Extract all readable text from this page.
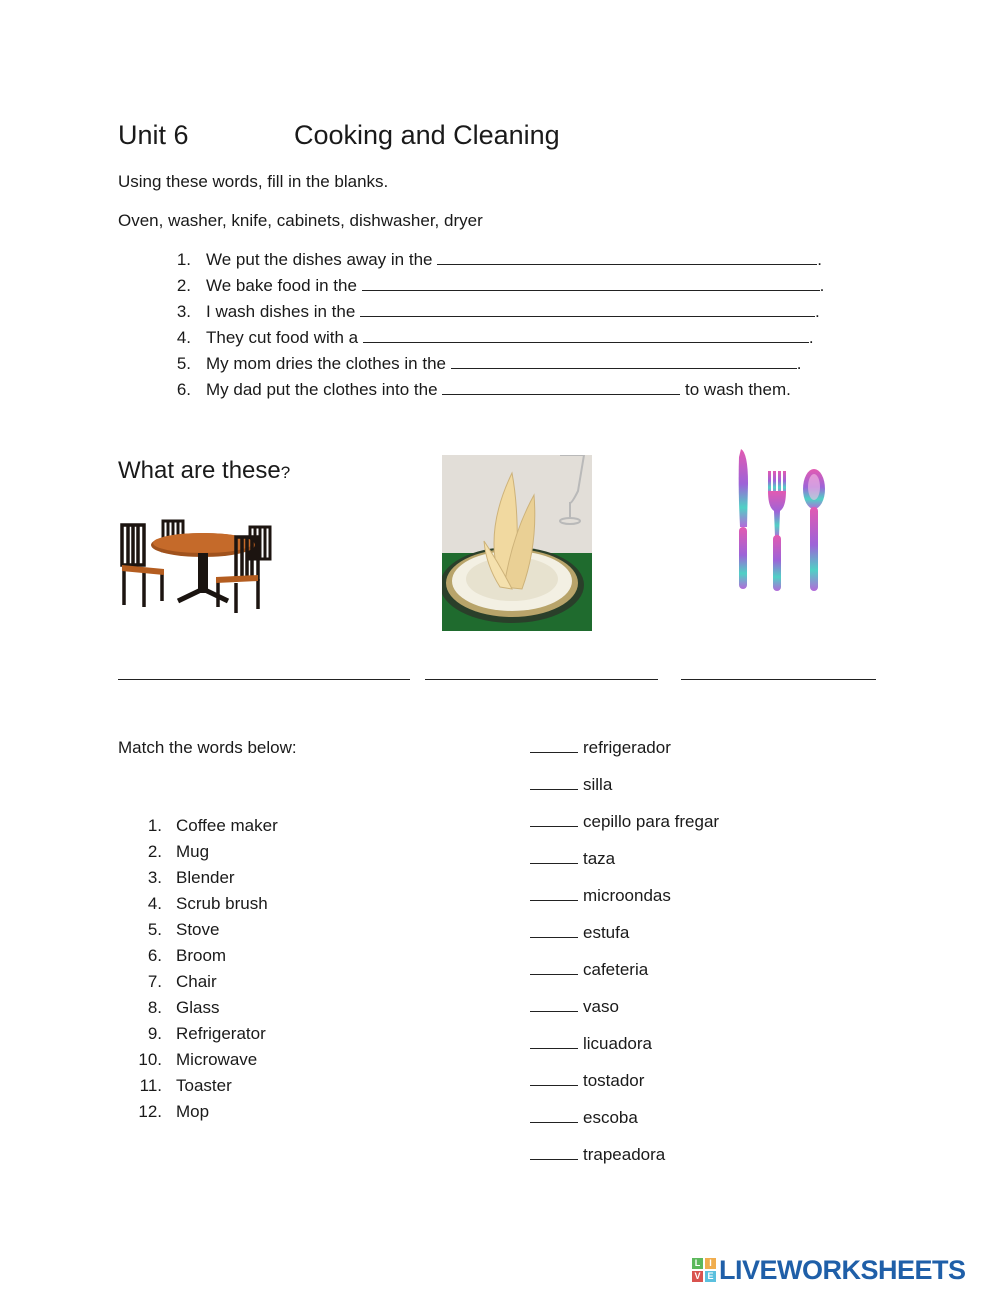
Unit 6	Cooking and Cleaning
Using these words, fill in the blanks.
Oven, washer, knife, cabinets, dishwasher, dryer
1. We put the dishes away in the	.
2. We bake food in the	.
3. I wash dishes in the	.
4. They cut food with a	.
5. My mom dries the clothes in the	.
6. My dad put the clothes into the	to wash them.
What are these?
Match the words below:
1. Coffee maker
2. Mug
3. Blender
4. Scrub brush
5. Stove
6. Broom
7. Chair
8. Glass
9. Refrigerator
10. Microwave
11. Toaster
12. Mop
refrigerador
silla
cepillo para fregar
taza
microondas
estufa
cafeteria
vaso
licuadora
tostador
escoba
trapeadora
L I
V E LIVEWORKSHEETS
